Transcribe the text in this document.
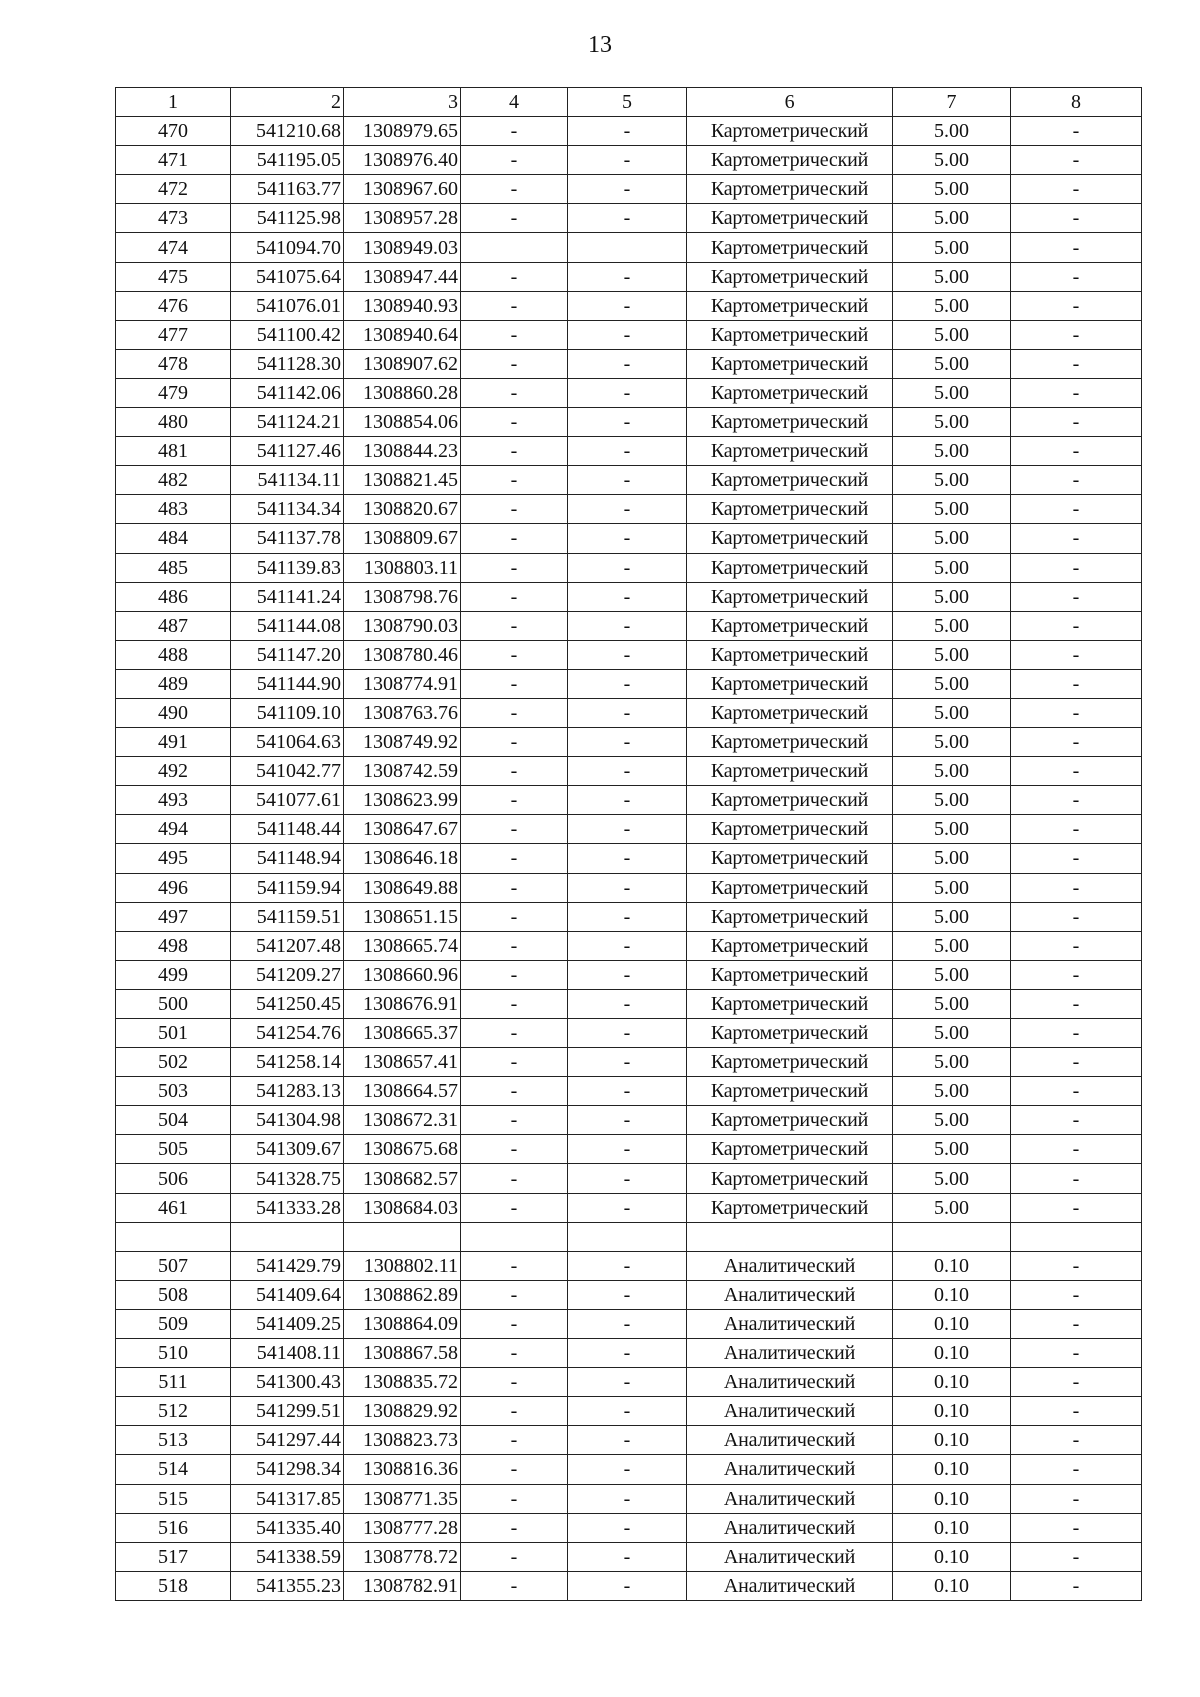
13
1	2	3	4	5	6	7	8
470	541210.68	1308979.65	-	-	Картометрический	5.00	-
471	541195.05	1308976.40	-	-	Картометрический	5.00	-
472	541163.77	1308967.60	-	-	Картометрический	5.00	-
473	541125.98	1308957.28	-	-	Картометрический	5.00	-
474	541094.70	1308949.03			Картометрический	5.00	-
475	541075.64	1308947.44	-	-	Картометрический	5.00	-
476	541076.01	1308940.93	-	-	Картометрический	5.00	-
477	541100.42	1308940.64	-	-	Картометрический	5.00	-
478	541128.30	1308907.62	-	-	Картометрический	5.00	-
479	541142.06	1308860.28	-	-	Картометрический	5.00	-
480	541124.21	1308854.06	-	-	Картометрический	5.00	-
481	541127.46	1308844.23	-	-	Картометрический	5.00	-
482	541134.11	1308821.45	-	-	Картометрический	5.00	-
483	541134.34	1308820.67	-	-	Картометрический	5.00	-
484	541137.78	1308809.67	-	-	Картометрический	5.00	-
485	541139.83	1308803.11	-	-	Картометрический	5.00	-
486	541141.24	1308798.76	-	-	Картометрический	5.00	-
487	541144.08	1308790.03	-	-	Картометрический	5.00	-
488	541147.20	1308780.46	-	-	Картометрический	5.00	-
489	541144.90	1308774.91	-	-	Картометрический	5.00	-
490	541109.10	1308763.76	-	-	Картометрический	5.00	-
491	541064.63	1308749.92	-	-	Картометрический	5.00	-
492	541042.77	1308742.59	-	-	Картометрический	5.00	-
493	541077.61	1308623.99	-	-	Картометрический	5.00	-
494	541148.44	1308647.67	-	-	Картометрический	5.00	-
495	541148.94	1308646.18	-	-	Картометрический	5.00	-
496	541159.94	1308649.88	-	-	Картометрический	5.00	-
497	541159.51	1308651.15	-	-	Картометрический	5.00	-
498	541207.48	1308665.74	-	-	Картометрический	5.00	-
499	541209.27	1308660.96	-	-	Картометрический	5.00	-
500	541250.45	1308676.91	-	-	Картометрический	5.00	-
501	541254.76	1308665.37	-	-	Картометрический	5.00	-
502	541258.14	1308657.41	-	-	Картометрический	5.00	-
503	541283.13	1308664.57	-	-	Картометрический	5.00	-
504	541304.98	1308672.31	-	-	Картометрический	5.00	-
505	541309.67	1308675.68	-	-	Картометрический	5.00	-
506	541328.75	1308682.57	-	-	Картометрический	5.00	-
461	541333.28	1308684.03	-	-	Картометрический	5.00	-

507	541429.79	1308802.11	-	-	Аналитический	0.10	-
508	541409.64	1308862.89	-	-	Аналитический	0.10	-
509	541409.25	1308864.09	-	-	Аналитический	0.10	-
510	541408.11	1308867.58	-	-	Аналитический	0.10	-
511	541300.43	1308835.72	-	-	Аналитический	0.10	-
512	541299.51	1308829.92	-	-	Аналитический	0.10	-
513	541297.44	1308823.73	-	-	Аналитический	0.10	-
514	541298.34	1308816.36	-	-	Аналитический	0.10	-
515	541317.85	1308771.35	-	-	Аналитический	0.10	-
516	541335.40	1308777.28	-	-	Аналитический	0.10	-
517	541338.59	1308778.72	-	-	Аналитический	0.10	-
518	541355.23	1308782.91	-	-	Аналитический	0.10	-
